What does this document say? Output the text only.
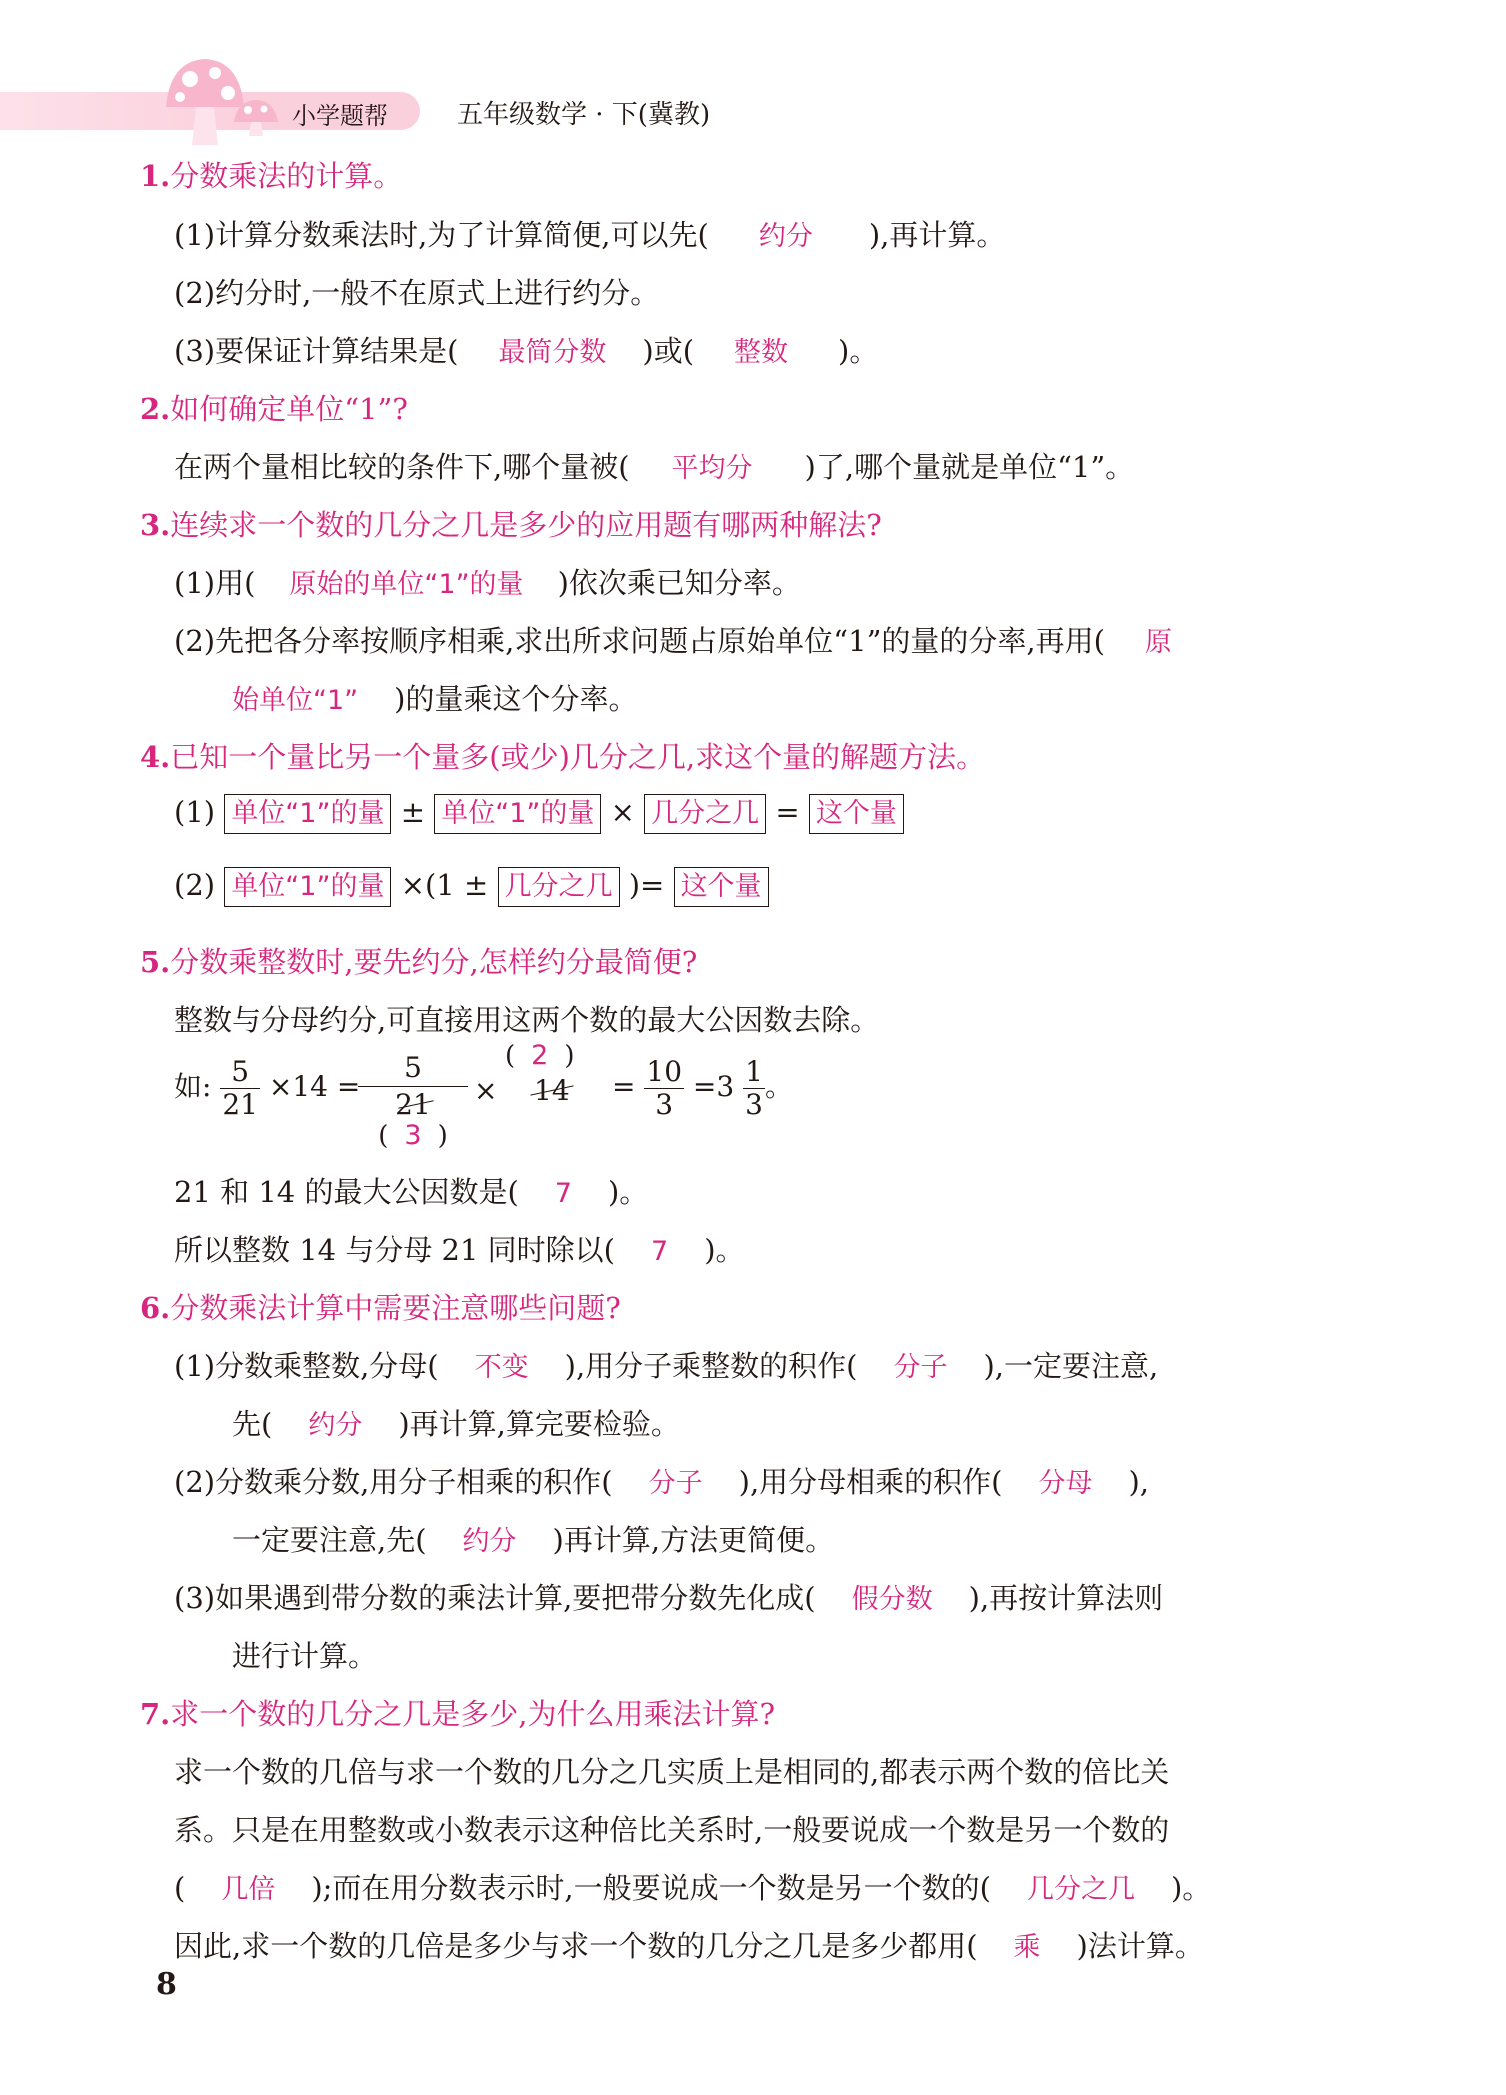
小学题帮	五年级数学 · 下(冀教)
1.分数乘法的计算。
(1)计算分数乘法时,为了计算简便,可以先( 约分 ),再计算。
(2)约分时,一般不在原式上进行约分。
(3)要保证计算结果是( 最简分数 )或( 整数 )。
2.如何确定单位“1”?
在两个量相比较的条件下,哪个量被( 平均分 )了,哪个量就是单位“1”。
3.连续求一个数的几分之几是多少的应用题有哪两种解法?
(1)用( 原始的单位“1”的量 )依次乘已知分率。
(2)先把各分率按顺序相乘,求出所求问题占原始单位“1”的量的分率,再用( 原
始单位“1” )的量乘这个分率。
4.已知一个量比另一个量多(或少)几分之几,求这个量的解题方法。
(1) 单位“1”的量 ± 单位“1”的量 × 几分之几 = 这个量
(2) 单位“1”的量 ×(1 ± 几分之几 )= 这个量
5.分数乘整数时,要先约分,怎样约分最简便?
整数与分母约分,可直接用这两个数的最大公因数去除。
如: $\frac{5}{21} \times 14$ =
5
21
( 3 )
×
( 2 )
$14 = \frac{10}{3} =3 \frac{1}{3}$ 。
21 和 14 的最大公因数是( 7 )。
所以整数 14 与分母 21 同时除以( 7 )。
6.分数乘法计算中需要注意哪些问题?
(1)分数乘整数,分母( 不变 ),用分子乘整数的积作( 分子 ),一定要注意,
先( 约分 )再计算,算完要检验。
(2)分数乘分数,用分子相乘的积作( 分子 ),用分母相乘的积作( 分母 ),
一定要注意,先( 约分 )再计算,方法更简便。
(3)如果遇到带分数的乘法计算,要把带分数先化成( 假分数 ),再按计算法则
进行计算。
7.求一个数的几分之几是多少,为什么用乘法计算?
求一个数的几倍与求一个数的几分之几实质上是相同的,都表示两个数的倍比关
系。只是在用整数或小数表示这种倍比关系时,一般要说成一个数是另一个数的
( 几倍 );而在用分数表示时,一般要说成一个数是另一个数的( 几分之几 )。
因此,求一个数的几倍是多少与求一个数的几分之几是多少都用( 乘 )法计算。
8
